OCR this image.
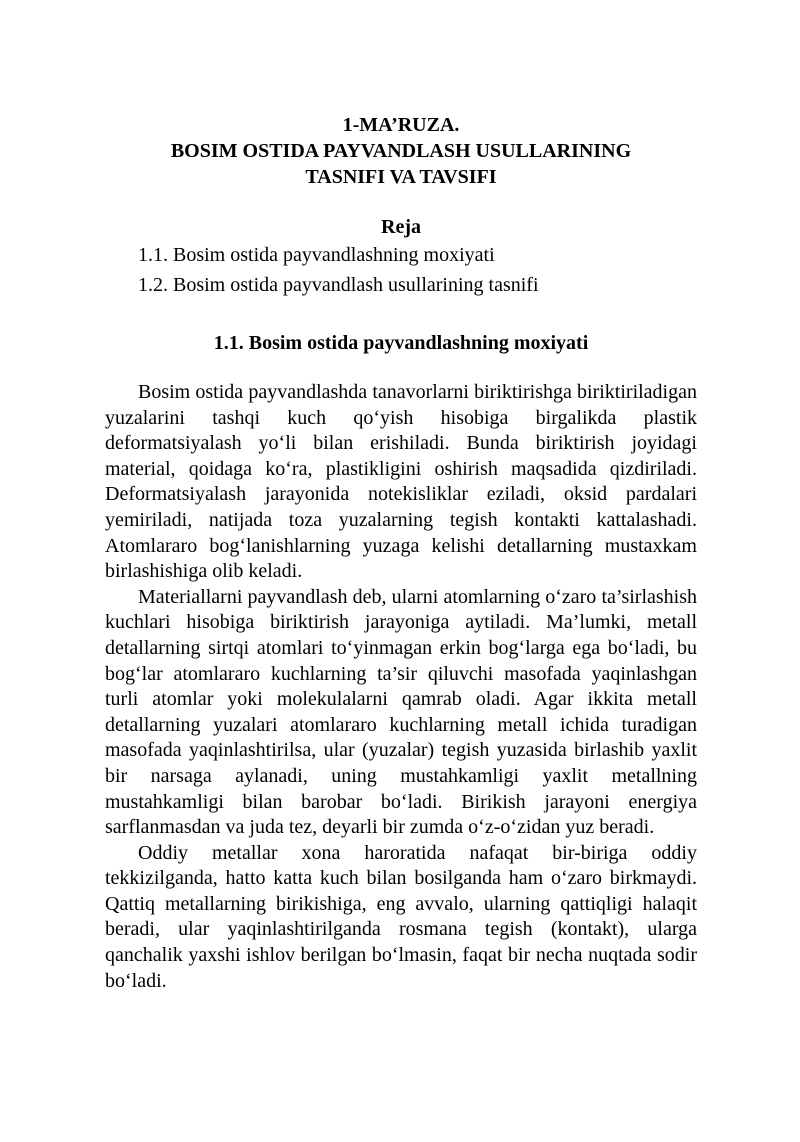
1-MA’RUZA.

BOSIM OSTIDA PAYVANDLASH USULLARINING

TASNIFI VA TAVSIFI

Reja

1.1. Bosim ostida payvandlashning moxiyati
1.2. Bosim ostida payvandlash usullarining tasnifi

1.1. Bosim ostida payvandlashning moxiyati

Bosim ostida payvandlashda tanavorlarni biriktirishga biriktiriladigan yuzalarini tashqi kuch qo‘yish hisobiga birgalikda plastik deformatsiyalash yo‘li bilan erishiladi. Bunda biriktirish joyidagi material, qoidaga ko‘ra, plastikligini oshirish maqsadida qizdiriladi. Deformatsiyalash jarayonida notekisliklar eziladi, oksid pardalari yemiriladi, natijada toza yuzalarning tegish kontakti kattalashadi. Atomlararo bog‘lanishlarning yuzaga kelishi detallarning mustaxkam birlashishiga olib keladi.

Materiallarni payvandlash deb, ularni atomlarning o‘zaro ta’sirlashish kuchlari hisobiga biriktirish jarayoniga aytiladi. Ma’lumki, metall detallarning sirtqi atomlari to‘yinmagan erkin bog‘larga ega bo‘ladi, bu bog‘lar atomlararo kuchlarning ta’sir qiluvchi masofada yaqinlashgan turli atomlar yoki molekulalarni qamrab oladi. Agar ikkita metall detallarning yuzalari atomlararo kuchlarning metall ichida turadigan masofada yaqinlashtirilsa, ular (yuzalar) tegish yuzasida birlashib yaxlit bir narsaga aylanadi, uning mustahkamligi yaxlit metallning mustahkamligi bilan barobar bo‘ladi. Birikish jarayoni energiya sarflanmasdan va juda tez, deyarli bir zumda o‘z-o‘zidan yuz beradi.

Oddiy metallar xona haroratida nafaqat bir-biriga oddiy tekkizilganda, hatto katta kuch bilan bosilganda ham o‘zaro birkmaydi. Qattiq metallarning birikishiga, eng avvalo, ularning qattiqligi halaqit beradi, ular yaqinlashtirilganda rosmana tegish (kontakt), ularga qanchalik yaxshi ishlov berilgan bo‘lmasin, faqat bir necha nuqtada sodir bo‘ladi.
